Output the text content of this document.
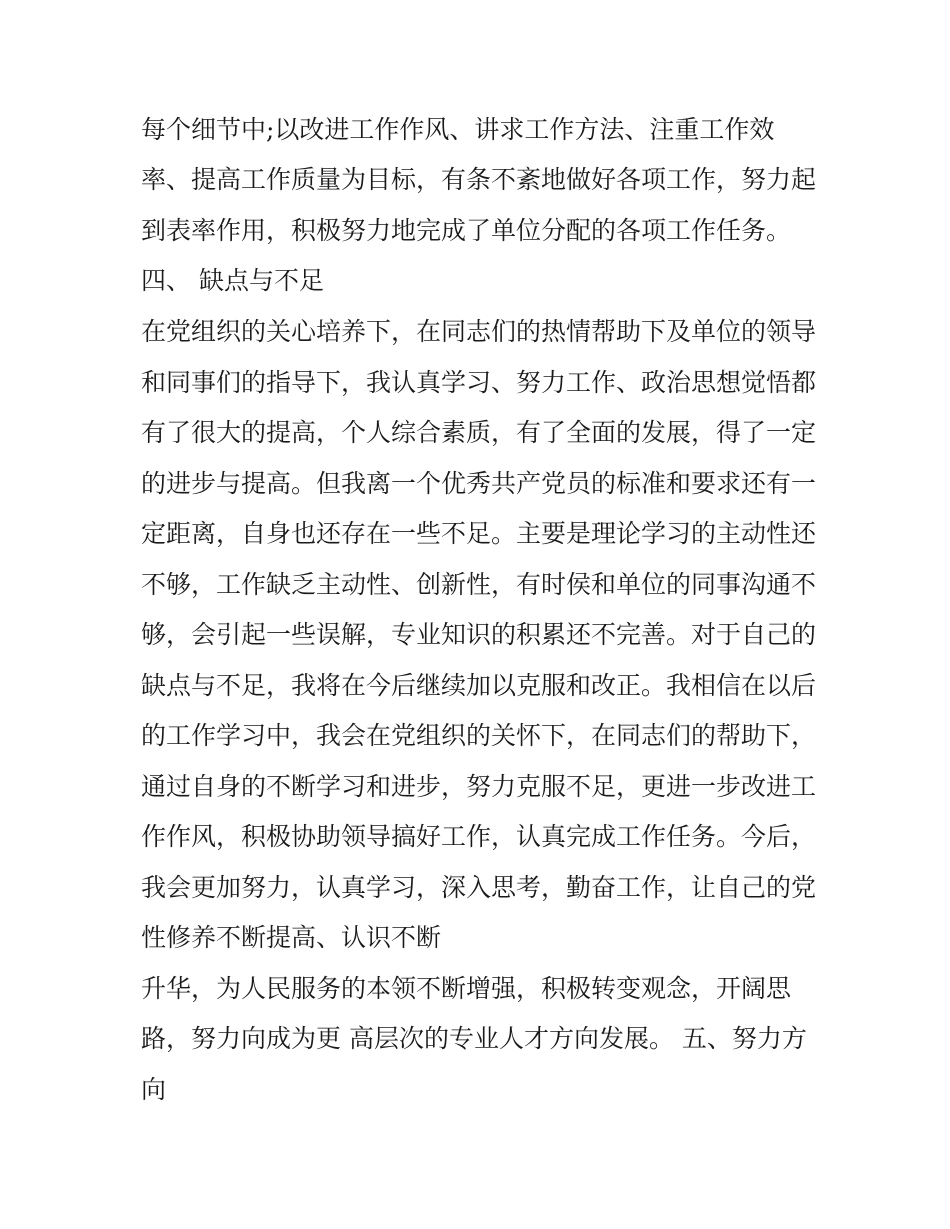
每个细节中;以改进工作作风、讲求工作方法、注重工作效
率、提高工作质量为目标，有条不紊地做好各项工作，努力起
到表率作用，积极努力地完成了单位分配的各项工作任务。
四、 缺点与不足
在党组织的关心培养下，在同志们的热情帮助下及单位的领导
和同事们的指导下，我认真学习、努力工作、政治思想觉悟都
有了很大的提高，个人综合素质，有了全面的发展，得了一定
的进步与提高。但我离一个优秀共产党员的标准和要求还有一
定距离，自身也还存在一些不足。主要是理论学习的主动性还
不够，工作缺乏主动性、创新性，有时侯和单位的同事沟通不
够，会引起一些误解，专业知识的积累还不完善。对于自己的
缺点与不足，我将在今后继续加以克服和改正。我相信在以后
的工作学习中，我会在党组织的关怀下，在同志们的帮助下，
通过自身的不断学习和进步，努力克服不足，更进一步改进工
作作风，积极协助领导搞好工作，认真完成工作任务。今后，
我会更加努力，认真学习，深入思考，勤奋工作，让自己的党
性修养不断提高、认识不断
升华，为人民服务的本领不断增强，积极转变观念，开阔思
路，努力向成为更 高层次的专业人才方向发展。 五、努力方
向
